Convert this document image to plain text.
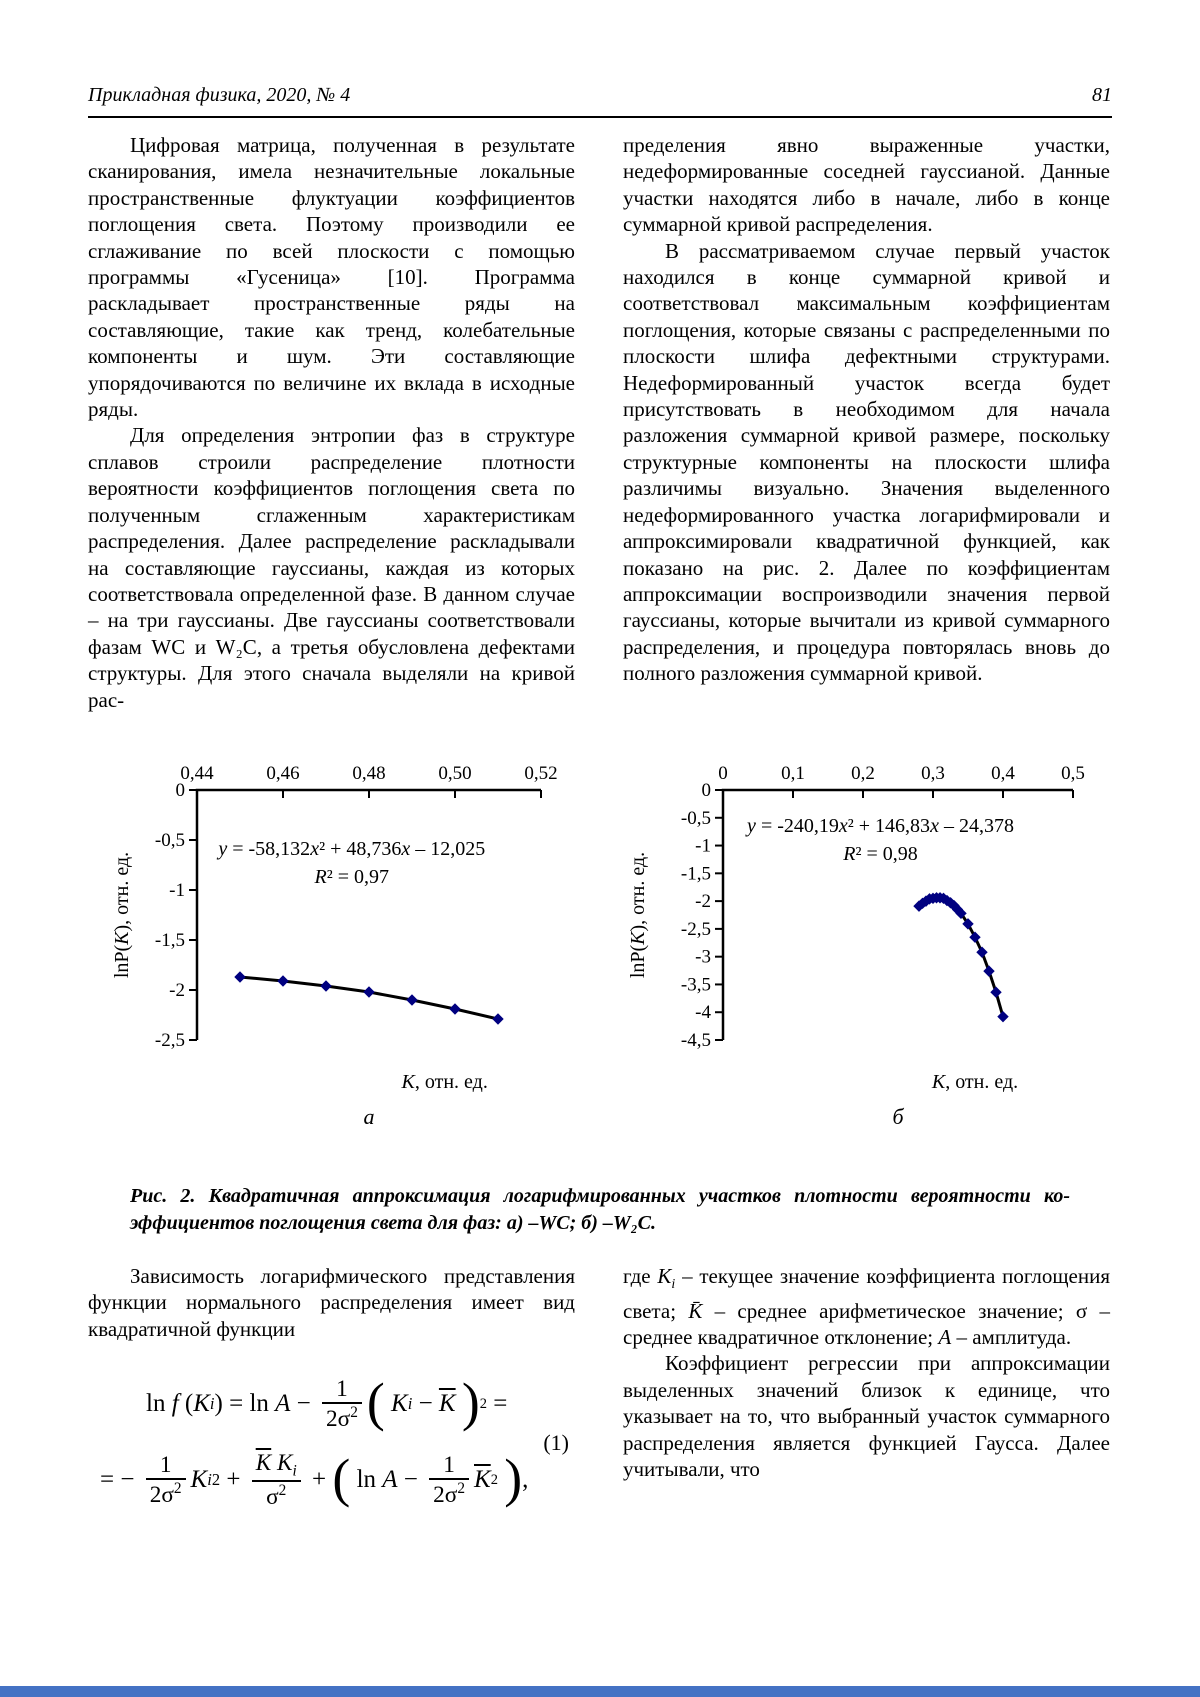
Прикладная физика, 2020, № 4	81

Цифровая матрица, полученная в результате сканирования, имела незначительные локальные пространственные флуктуации коэффициентов поглощения света. Поэтому производили ее сглаживание по всей плоскости с помощью программы «Гусеница» [10]. Программа раскладывает пространственные ряды на составляющие, такие как тренд, колебательные компоненты и шум. Эти составляющие упорядочиваются по величине их вклада в исходные ряды.

Для определения энтропии фаз в структуре сплавов строили распределение плотности вероятности коэффициентов поглощения света по полученным сглаженным характеристикам распределения. Далее распределение раскладывали на составляющие гауссианы, каждая из которых соответствовала определенной фазе. В данном случае – на три гауссианы. Две гауссианы соответствовали фазам WC и W₂C, а третья обусловлена дефектами структуры. Для этого сначала выделяли на кривой рас-

пределения явно выраженные участки, недеформированные соседней гауссианой. Данные участки находятся либо в начале, либо в конце суммарной кривой распределения.

В рассматриваемом случае первый участок находился в конце суммарной кривой и соответствовал максимальным коэффициентам поглощения, которые связаны с распределенными по плоскости шлифа дефектными структурами. Недеформированный участок всегда будет присутствовать в необходимом для начала разложения суммарной кривой размере, поскольку структурные компоненты на плоскости шлифа различимы визуально. Значения выделенного недеформированного участка логарифмировали и аппроксимировали квадратичной функцией, как показано на рис. 2. Далее по коэффициентам аппроксимации воспроизводили значения первой гауссианы, которые вычитали из кривой суммарного распределения, и процедура повторялась вновь до полного разложения суммарной кривой.

0,44	0,46	0,48	0,50	0,52
0
-0,5
-1
-1,5
-2
-2,5
lnP(K), отн. ед.
y = -58,132x² + 48,736x – 12,025
R² = 0,97
K, отн. ед.
а
0	0,1 0,2 0,3 0,4 0,5
0
-0,5
-1
-1,5
-2
-2,5
-3
-3,5
-4
-4,5
lnP(K), отн. ед.
y = -240,19x² + 146,83x – 24,378
R² = 0,98
K, отн. ед.
б
Рис. 2. Квадратичная аппроксимация логарифмированных участков плотности вероятности ко-
эффициентов поглощения света для фаз: а) –WC; б) –W₂C.

Зависимость логарифмического представления функции нормального распределения имеет вид квадратичной функции

ln f ( K i ) = $\ln A - \frac{1}{2\sigma^2}$ (
K $i - \overline{K}$
) 2 =
= − $\frac{1}{2\sigma^2}$ K i $2 + \frac{\overline{K} K_i}{\sigma^2}$ + ( $\ln A - \frac{1}{2\sigma^2} \overline{K}$ 2
) ,
(1)

где $K_i$ – текущее значение коэффициента поглощения света; K̄ – среднее арифметическое значение; σ – среднее квадратичное отклонение; A – амплитуда.

Коэффициент регрессии при аппроксимации выделенных значений близок к единице, что указывает на то, что выбранный участок суммарного распределения является функцией Гаусса. Далее учитывали, что
